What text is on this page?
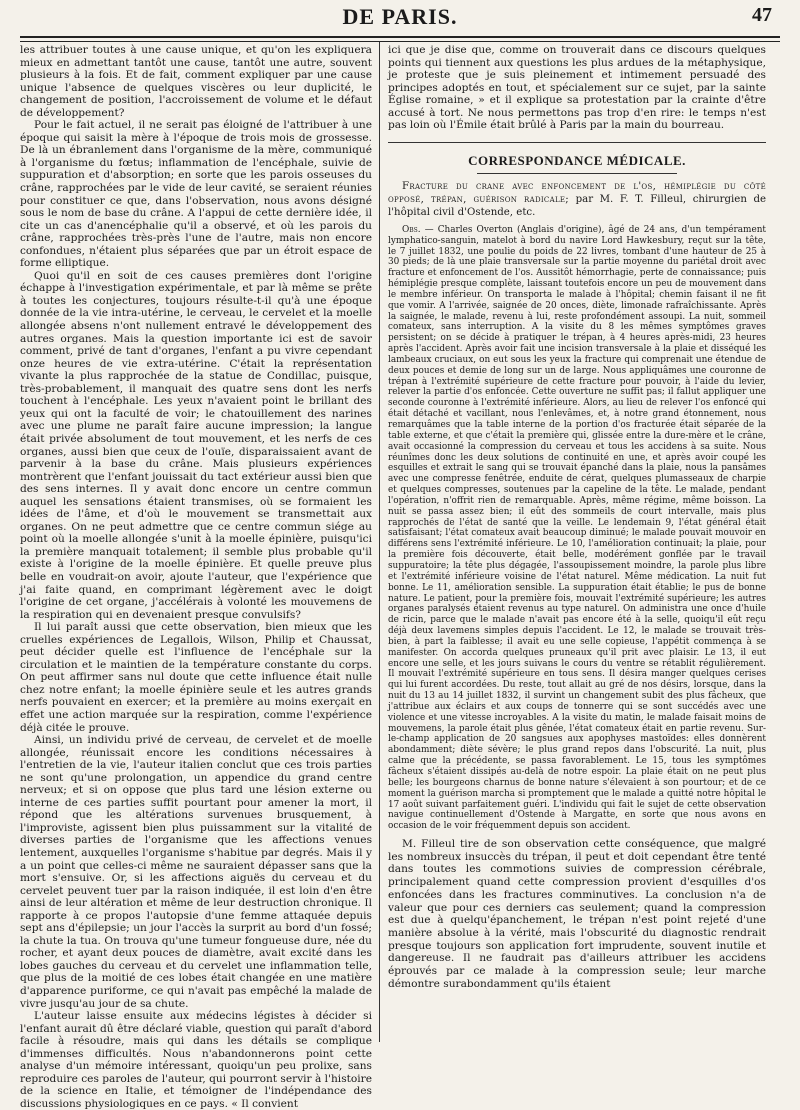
DE PARIS.	47

les attribuer toutes à une cause unique, et qu'on les expliquera mieux en admettant tantôt une cause, tantôt une autre, souvent plusieurs à la fois. Et de fait, comment expliquer par une cause unique l'absence de quelques viscères ou leur duplicité, le changement de position, l'accroissement de volume et le défaut de développement?

Pour le fait actuel, il ne serait pas éloigné de l'attribuer à une époque qui saisit la mère à l'époque de trois mois de grossesse. De là un ébranlement dans l'organisme de la mère, communiqué à l'organisme du fœtus; inflammation de l'encéphale, suivie de suppuration et d'absorption; en sorte que les parois osseuses du crâne, rapprochées par le vide de leur cavité, se seraient réunies pour constituer ce que, dans l'observation, nous avons désigné sous le nom de base du crâne. A l'appui de cette dernière idée, il cite un cas d'anencéphalie qu'il a observé, et où les parois du crâne, rapprochées très-près l'une de l'autre, mais non encore confondues, n'étaient plus séparées que par un étroit espace de forme elliptique.

Quoi qu'il en soit de ces causes premières dont l'origine échappe à l'investigation expérimentale, et par là même se prête à toutes les conjectures, toujours résulte-t-il qu'à une époque donnée de la vie intra-utérine, le cerveau, le cervelet et la moelle allongée absens n'ont nullement entravé le développement des autres organes. Mais la question importante ici est de savoir comment, privé de tant d'organes, l'enfant a pu vivre cependant onze heures de vie extra-utérine. C'était la représentation vivante la plus rapprochée de la statue de Condillac, puisque, très-probablement, il manquait des quatre sens dont les nerfs touchent à l'encéphale. Les yeux n'avaient point le brillant des yeux qui ont la faculté de voir; le chatouillement des narines avec une plume ne paraît faire aucune impression; la langue était privée absolument de tout mouvement, et les nerfs de ces organes, aussi bien que ceux de l'ouïe, disparaissaient avant de parvenir à la base du crâne. Mais plusieurs expériences montrèrent que l'enfant jouissait du tact extérieur aussi bien que des sens internes. Il y avait donc encore un centre commun auquel les sensations étaient transmises, où se formaient les idées de l'âme, et d'où le mouvement se transmettait aux organes. On ne peut admettre que ce centre commun siége au point où la moelle allongée s'unit à la moelle épinière, puisqu'ici la première manquait totalement; il semble plus probable qu'il existe à l'origine de la moelle épinière. Et quelle preuve plus belle en voudrait-on avoir, ajoute l'auteur, que l'expérience que j'ai faite quand, en comprimant légèrement avec le doigt l'origine de cet organe, j'accélérais à volonté les mouvemens de la respiration qui en devenaient presque convulsifs?

Il lui paraît aussi que cette observation, bien mieux que les cruelles expériences de Legallois, Wilson, Philip et Chaussat, peut décider quelle est l'influence de l'encéphale sur la circulation et le maintien de la température constante du corps. On peut affirmer sans nul doute que cette influence était nulle chez notre enfant; la moelle épinière seule et les autres grands nerfs pouvaient en exercer; et la première au moins exerçait en effet une action marquée sur la respiration, comme l'expérience déjà citée le prouve.

Ainsi, un individu privé de cerveau, de cervelet et de moelle allongée, réunissait encore les conditions nécessaires à l'entretien de la vie, l'auteur italien conclut que ces trois parties ne sont qu'une prolongation, un appendice du grand centre nerveux; et si on oppose que plus tard une lésion externe ou interne de ces parties suffit pourtant pour amener la mort, il répond que les altérations survenues brusquement, à l'improviste, agissent bien plus puissamment sur la vitalité de diverses parties de l'organisme que les affections venues lentement, auxquelles l'organisme s'habitue par degrés. Mais il y a un point que celles-ci même ne sauraient dépasser sans que la mort s'ensuive. Or, si les affections aiguës du cerveau et du cervelet peuvent tuer par la raison indiquée, il est loin d'en être ainsi de leur altération et même de leur destruction chronique. Il rapporte à ce propos l'autopsie d'une femme attaquée depuis sept ans d'épilepsie; un jour l'accès la surprit au bord d'un fossé; la chute la tua. On trouva qu'une tumeur fongueuse dure, née du rocher, et ayant deux pouces de diamètre, avait excité dans les lobes gauches du cerveau et du cervelet une inflammation telle, que plus de la moitié de ces lobes était changée en une matière d'apparence puriforme, ce qui n'avait pas empêché la malade de vivre jusqu'au jour de sa chute.

L'auteur laisse ensuite aux médecins légistes à décider si l'enfant aurait dû être déclaré viable, question qui paraît d'abord facile à résoudre, mais qui dans les détails se complique d'immenses difficultés. Nous n'abandonnerons point cette analyse d'un mémoire intéressant, quoiqu'un peu prolixe, sans reproduire ces paroles de l'auteur, qui pourront servir à l'histoire de la science en Italie, et témoigner de l'indépendance des discussions physiologiques en ce pays. « Il convient

ici que je dise que, comme on trouverait dans ce discours quelques points qui tiennent aux questions les plus ardues de la métaphysique, je proteste que je suis pleinement et intimement persuadé des principes adoptés en tout, et spécialement sur ce sujet, par la sainte Église romaine, » et il explique sa protestation par la crainte d'être accusé à tort. Ne nous permettons pas trop d'en rire: le temps n'est pas loin où l'Émile était brûlé à Paris par la main du bourreau.

CORRESPONDANCE MÉDICALE.
Fracture du crane avec enfoncement de l'os, hémiplégie du côté opposé, trépan, guérison radicale; par M. F. T. Filleul, chirurgien de l'hôpital civil d'Ostende, etc.

Obs. — Charles Overton (Anglais d'origine), âgé de 24 ans, d'un tempérament lymphatico-sanguin, matelot à bord du navire Lord Hawkesbury, reçut sur la tête, le 7 juillet 1832, une poulie du poids de 22 livres, tombant d'une hauteur de 25 à 30 pieds; de là une plaie transversale sur la partie moyenne du pariétal droit avec fracture et enfoncement de l'os. Aussitôt hémorrhagie, perte de connaissance; puis hémiplégie presque complète, laissant toutefois encore un peu de mouvement dans le membre inférieur. On transporta le malade à l'hôpital; chemin faisant il ne fit que vomir. A l'arrivée, saignée de 20 onces, diète, limonade rafraîchissante. Après la saignée, le malade, revenu à lui, reste profondément assoupi. La nuit, sommeil comateux, sans interruption. A la visite du 8 les mêmes symptômes graves persistent; on se décide à pratiquer le trépan, à 4 heures après-midi, 23 heures après l'accident. Après avoir fait une incision transversale à la plaie et disséqué les lambeaux cruciaux, on eut sous les yeux la fracture qui comprenait une étendue de deux pouces et demie de long sur un de large. Nous appliquâmes une couronne de trépan à l'extrémité supérieure de cette fracture pour pouvoir, à l'aide du levier, relever la partie d'os enfoncée. Cette ouverture ne suffit pas; il fallut appliquer une seconde couronne à l'extrémité inférieure. Alors, au lieu de relever l'os enfoncé qui était détaché et vacillant, nous l'enlevâmes, et, à notre grand étonnement, nous remarquâmes que la table interne de la portion d'os fracturée était séparée de la table externe, et que c'était la première qui, glissée entre la dure-mère et le crâne, avait occasionné la compression du cerveau et tous les accidens à sa suite. Nous réunîmes donc les deux solutions de continuité en une, et après avoir coupé les esquilles et extrait le sang qui se trouvait épanché dans la plaie, nous la pansâmes avec une compresse fenêtrée, enduite de cérat, quelques plumasseaux de charpie et quelques compresses, soutenues par la capeline de la tête. Le malade, pendant l'opération, n'offrit rien de remarquable. Après, même régime, même boisson. La nuit se passa assez bien; il eût des sommeils de court intervalle, mais plus rapprochés de l'état de santé que la veille. Le lendemain 9, l'état général était satisfaisant; l'état comateux avait beaucoup diminué; le malade pouvait mouvoir en différens sens l'extrémité inférieure. Le 10, l'amélioration continuait; la plaie, pour la première fois découverte, était belle, modérément gonflée par le travail suppuratoire; la tête plus dégagée, l'assoupissement moindre, la parole plus libre et l'extrémité inférieure voisine de l'état naturel. Même médication. La nuit fut bonne. Le 11, amélioration sensible. La suppuration était établie; le pus de bonne nature. Le patient, pour la première fois, mouvait l'extrémité supérieure; les autres organes paralysés étaient revenus au type naturel. On administra une once d'huile de ricin, parce que le malade n'avait pas encore été à la selle, quoiqu'il eût reçu déjà deux lavemens simples depuis l'accident. Le 12, le malade se trouvait très-bien, à part la faiblesse; il avait eu une selle copieuse, l'appétit commença à se manifester. On accorda quelques pruneaux qu'il prit avec plaisir. Le 13, il eut encore une selle, et les jours suivans le cours du ventre se rétablit régulièrement. Il mouvait l'extrémité supérieure en tous sens. Il désira manger quelques cerises qui lui furent accordées. Du reste, tout allait au gré de nos désirs, lorsque, dans la nuit du 13 au 14 juillet 1832, il survint un changement subit des plus fâcheux, que j'attribue aux éclairs et aux coups de tonnerre qui se sont succédés avec une violence et une vitesse incroyables. A la visite du matin, le malade faisait moins de mouvemens, la parole était plus gênée, l'état comateux était en partie revenu. Sur-le-champ application de 20 sangsues aux apophyses mastoïdes: elles donnèrent abondamment; diète sévère; le plus grand repos dans l'obscurité. La nuit, plus calme que la précédente, se passa favorablement. Le 15, tous les symptômes fâcheux s'étaient dissipés au-delà de notre espoir. La plaie était on ne peut plus belle; les bourgeons charnus de bonne nature s'élevaient à son pourtour; et de ce moment la guérison marcha si promptement que le malade a quitté notre hôpital le 17 août suivant parfaitement guéri. L'individu qui fait le sujet de cette observation navigue continuellement d'Ostende à Margatte, en sorte que nous avons en occasion de le voir fréquemment depuis son accident.

M. Filleul tire de son observation cette conséquence, que malgré les nombreux insuccès du trépan, il peut et doit cependant être tenté dans toutes les commotions suivies de compression cérébrale, principalement quand cette compression provient d'esquilles d'os enfoncées dans les fractures comminutives. La conclusion n'a de valeur que pour ces derniers cas seulement; quand la compression est due à quelqu'épanchement, le trépan n'est point rejeté d'une manière absolue à la vérité, mais l'obscurité du diagnostic rendrait presque toujours son application fort imprudente, souvent inutile et dangereuse. Il ne faudrait pas d'ailleurs attribuer les accidens éprouvés par ce malade à la compression seule; leur marche démontre surabondamment qu'ils étaient
